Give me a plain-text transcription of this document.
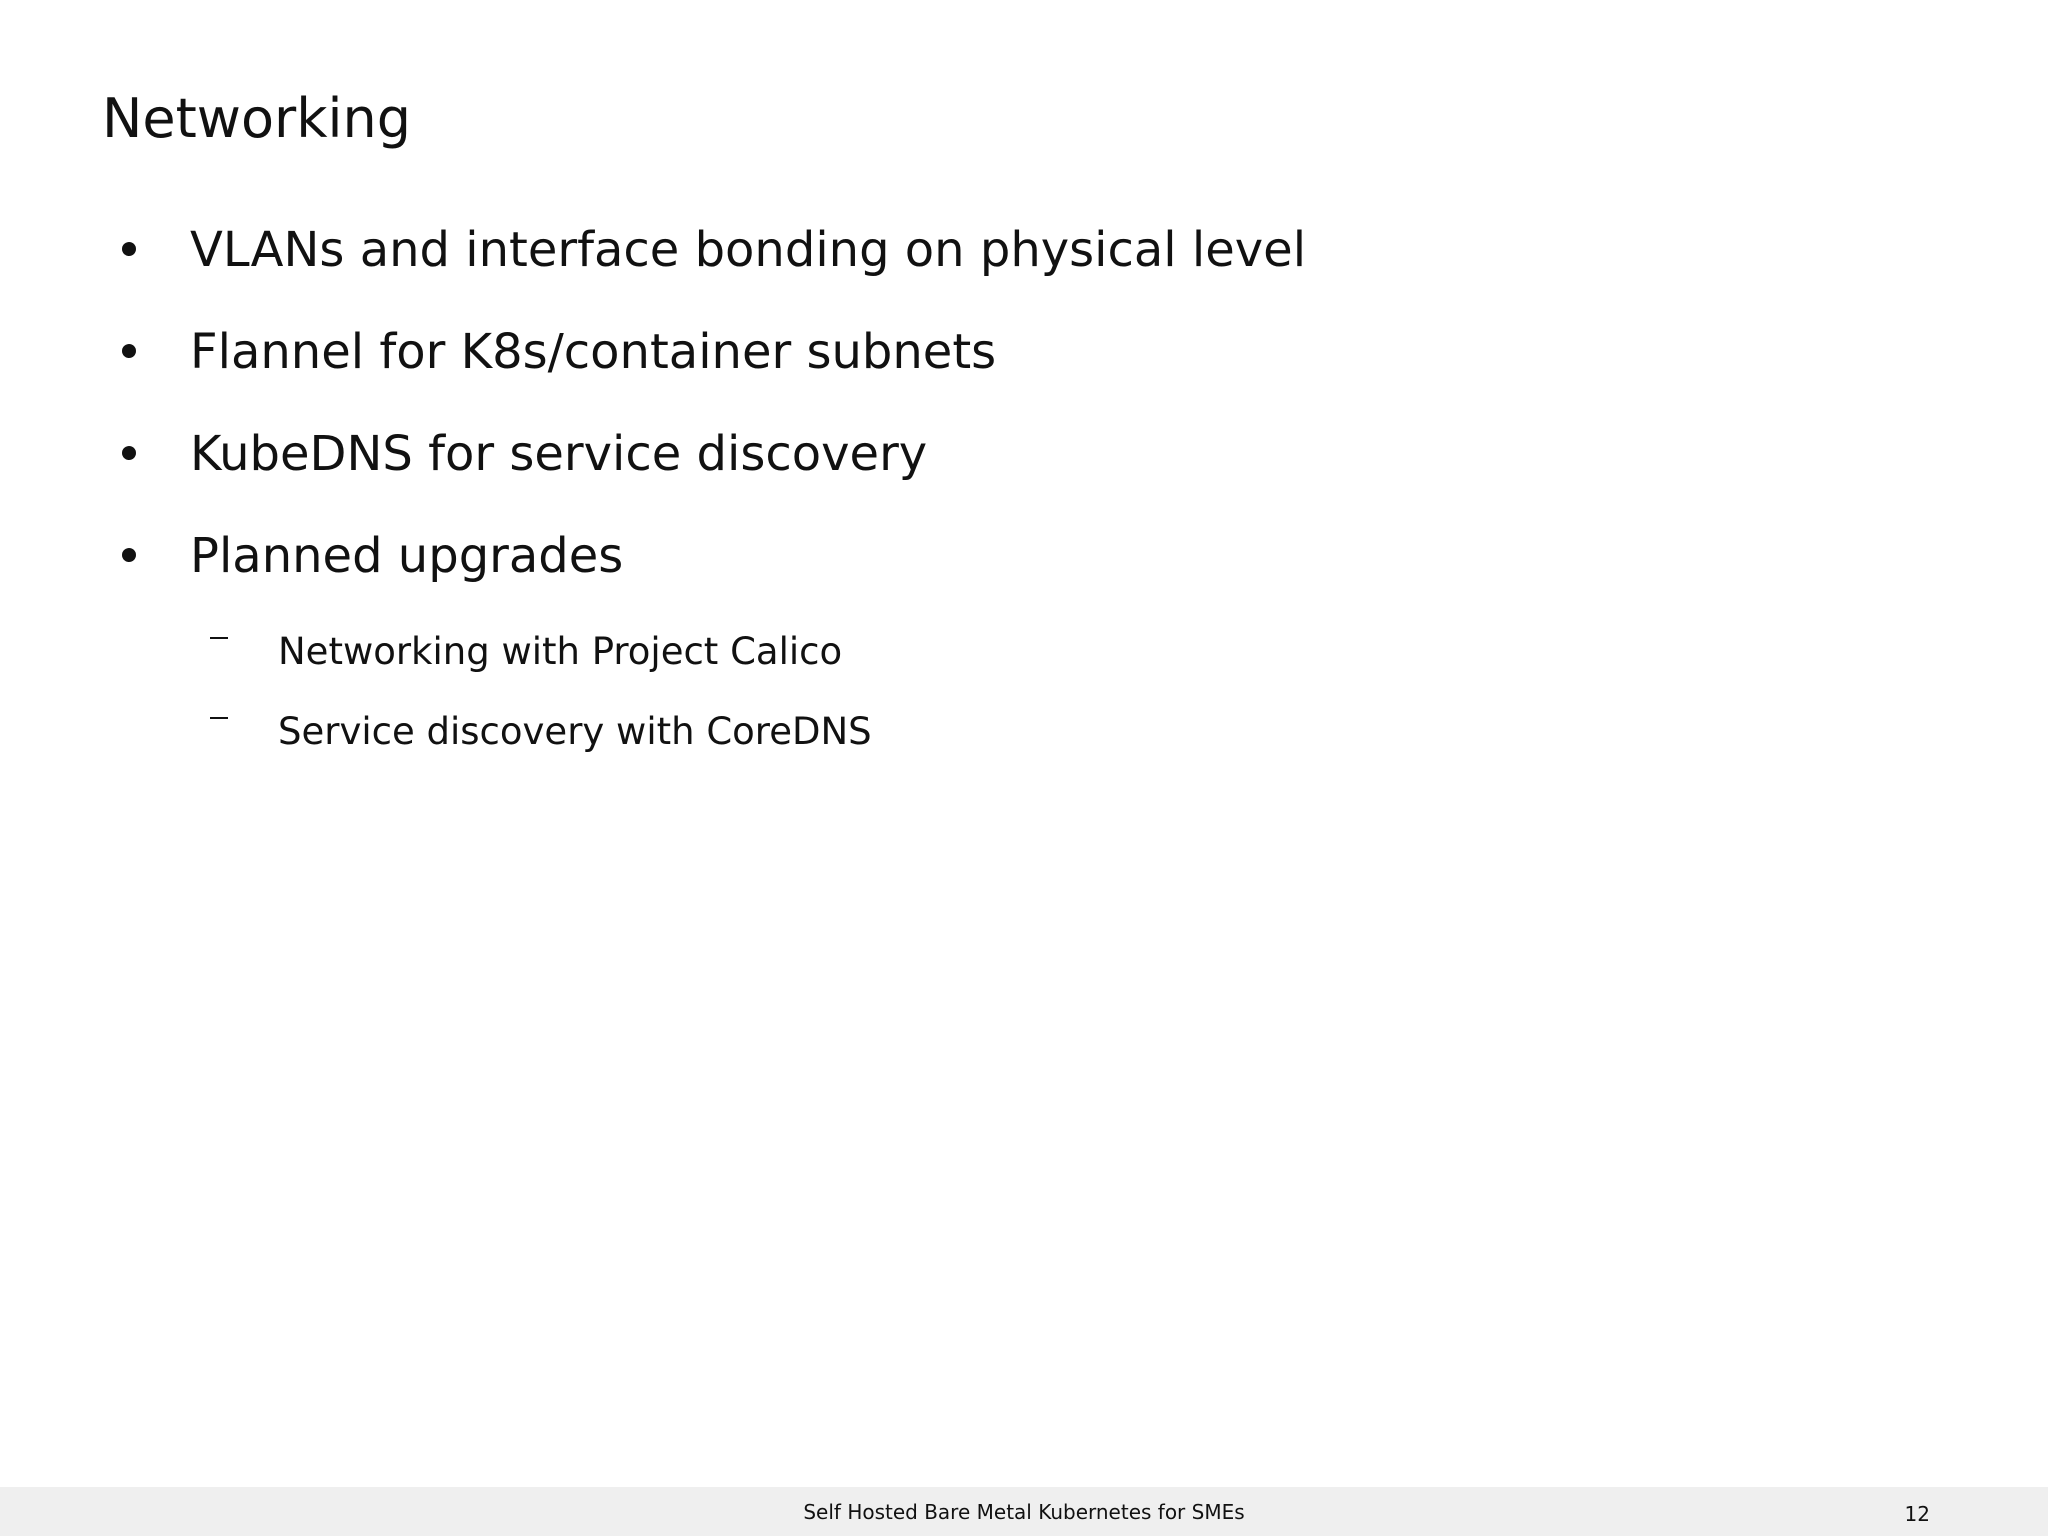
Networking
VLANs and interface bonding on physical level
Flannel for K8s/container subnets
KubeDNS for service discovery
Planned upgrades
Networking with Project Calico
Service discovery with CoreDNS
Self Hosted Bare Metal Kubernetes for SMEs	12
